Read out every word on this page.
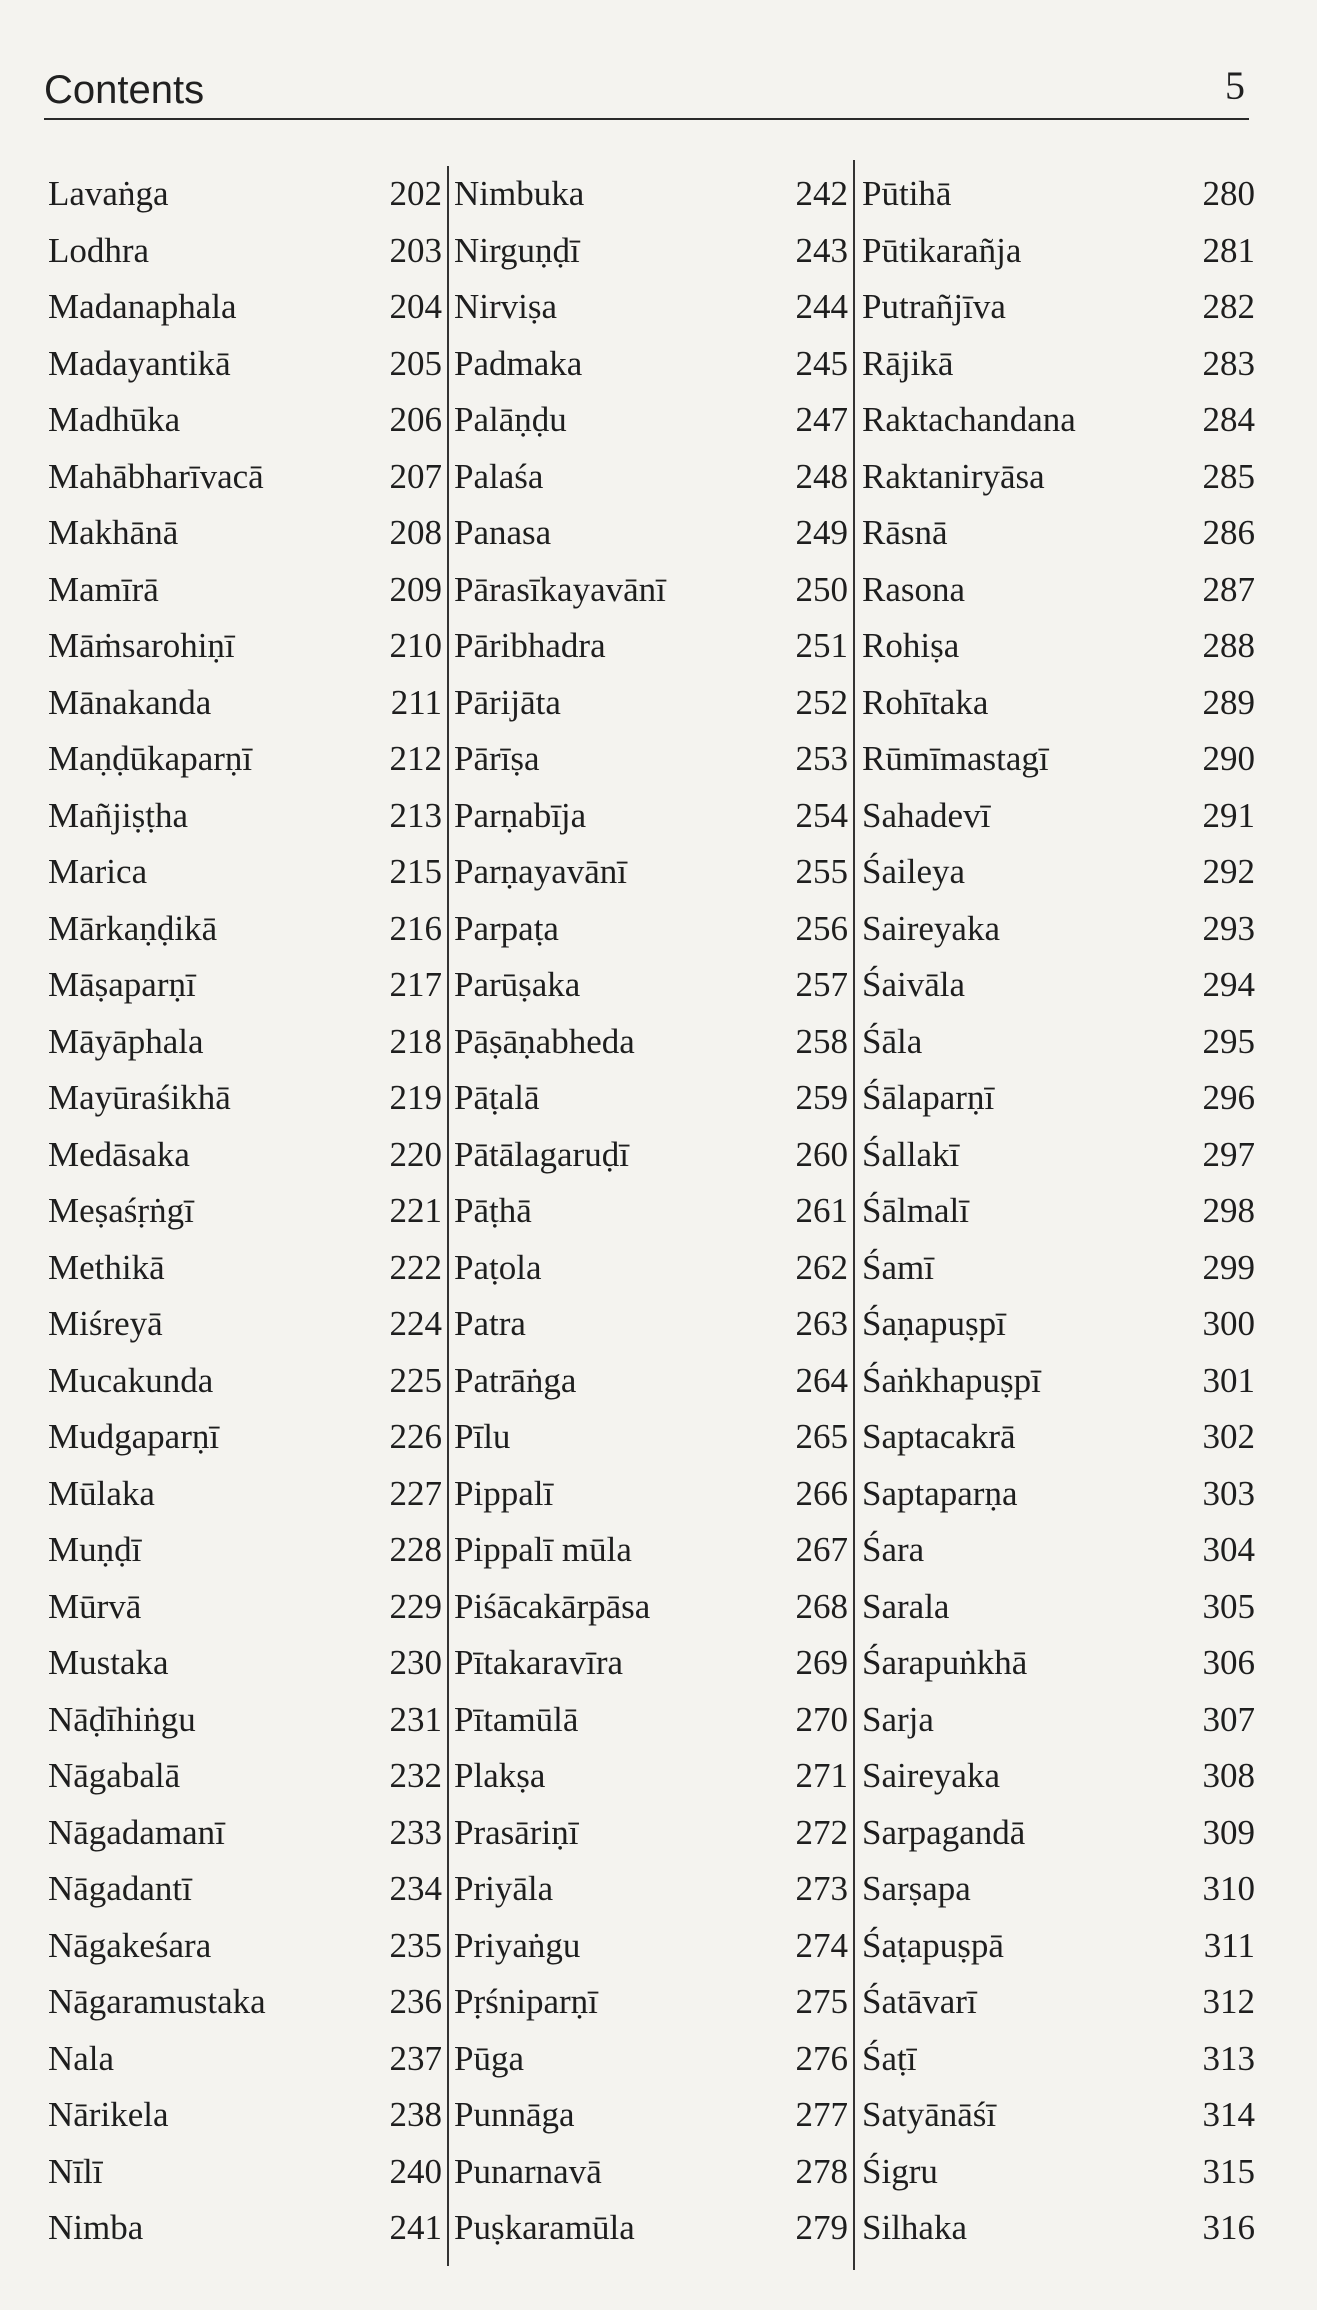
Contents	5
Lavaṅga	202
Lodhra	203
Madanaphala	204
Madayantikā	205
Madhūka	206
Mahābharīvacā	207
Makhānā	208
Mamīrā	209
Māṁsarohiṇī	210
Mānakanda	211
Maṇḍūkaparṇī	212
Mañjiṣṭha	213
Marica	215
Mārkaṇḍikā	216
Māṣaparṇī	217
Māyāphala	218
Mayūraśikhā	219
Medāsaka	220
Meṣaśṛṅgī	221
Methikā	222
Miśreyā	224
Mucakunda	225
Mudgaparṇī	226
Mūlaka	227
Muṇḍī	228
Mūrvā	229
Mustaka	230
Nāḍīhiṅgu	231
Nāgabalā	232
Nāgadamanī	233
Nāgadantī	234
Nāgakeśara	235
Nāgaramustaka	236
Nala	237
Nārikela	238
Nīlī	240
Nimba	241
Nimbuka	242
Nirguṇḍī	243
Nirviṣa	244
Padmaka	245
Palāṇḍu	247
Palaśa	248
Panasa	249
Pārasīkayavānī	250
Pāribhadra	251
Pārijāta	252
Pārīṣa	253
Parṇabīja	254
Parṇayavānī	255
Parpaṭa	256
Parūṣaka	257
Pāṣāṇabheda	258
Pāṭalā	259
Pātālagaruḍī	260
Pāṭhā	261
Paṭola	262
Patra	263
Patrāṅga	264
Pīlu	265
Pippalī	266
Pippalī mūla	267
Piśācakārpāsa	268
Pītakaravīra	269
Pītamūlā	270
Plakṣa	271
Prasāriṇī	272
Priyāla	273
Priyaṅgu	274
Pṛśniparṇī	275
Pūga	276
Punnāga	277
Punarnavā	278
Puṣkaramūla	279
Pūtihā	280
Pūtikarañja	281
Putrañjīva	282
Rājikā	283
Raktachandana	284
Raktaniryāsa	285
Rāsnā	286
Rasona	287
Rohiṣa	288
Rohītaka	289
Rūmīmastagī	290
Sahadevī	291
Śaileya	292
Saireyaka	293
Śaivāla	294
Śāla	295
Śālaparṇī	296
Śallakī	297
Śālmalī	298
Śamī	299
Śaṇapuṣpī	300
Śaṅkhapuṣpī	301
Saptacakrā	302
Saptaparṇa	303
Śara	304
Sarala	305
Śarapuṅkhā	306
Sarja	307
Saireyaka	308
Sarpagandā	309
Sarṣapa	310
Śaṭapuṣpā	311
Śatāvarī	312
Śaṭī	313
Satyānāśī	314
Śigru	315
Silhaka	316
